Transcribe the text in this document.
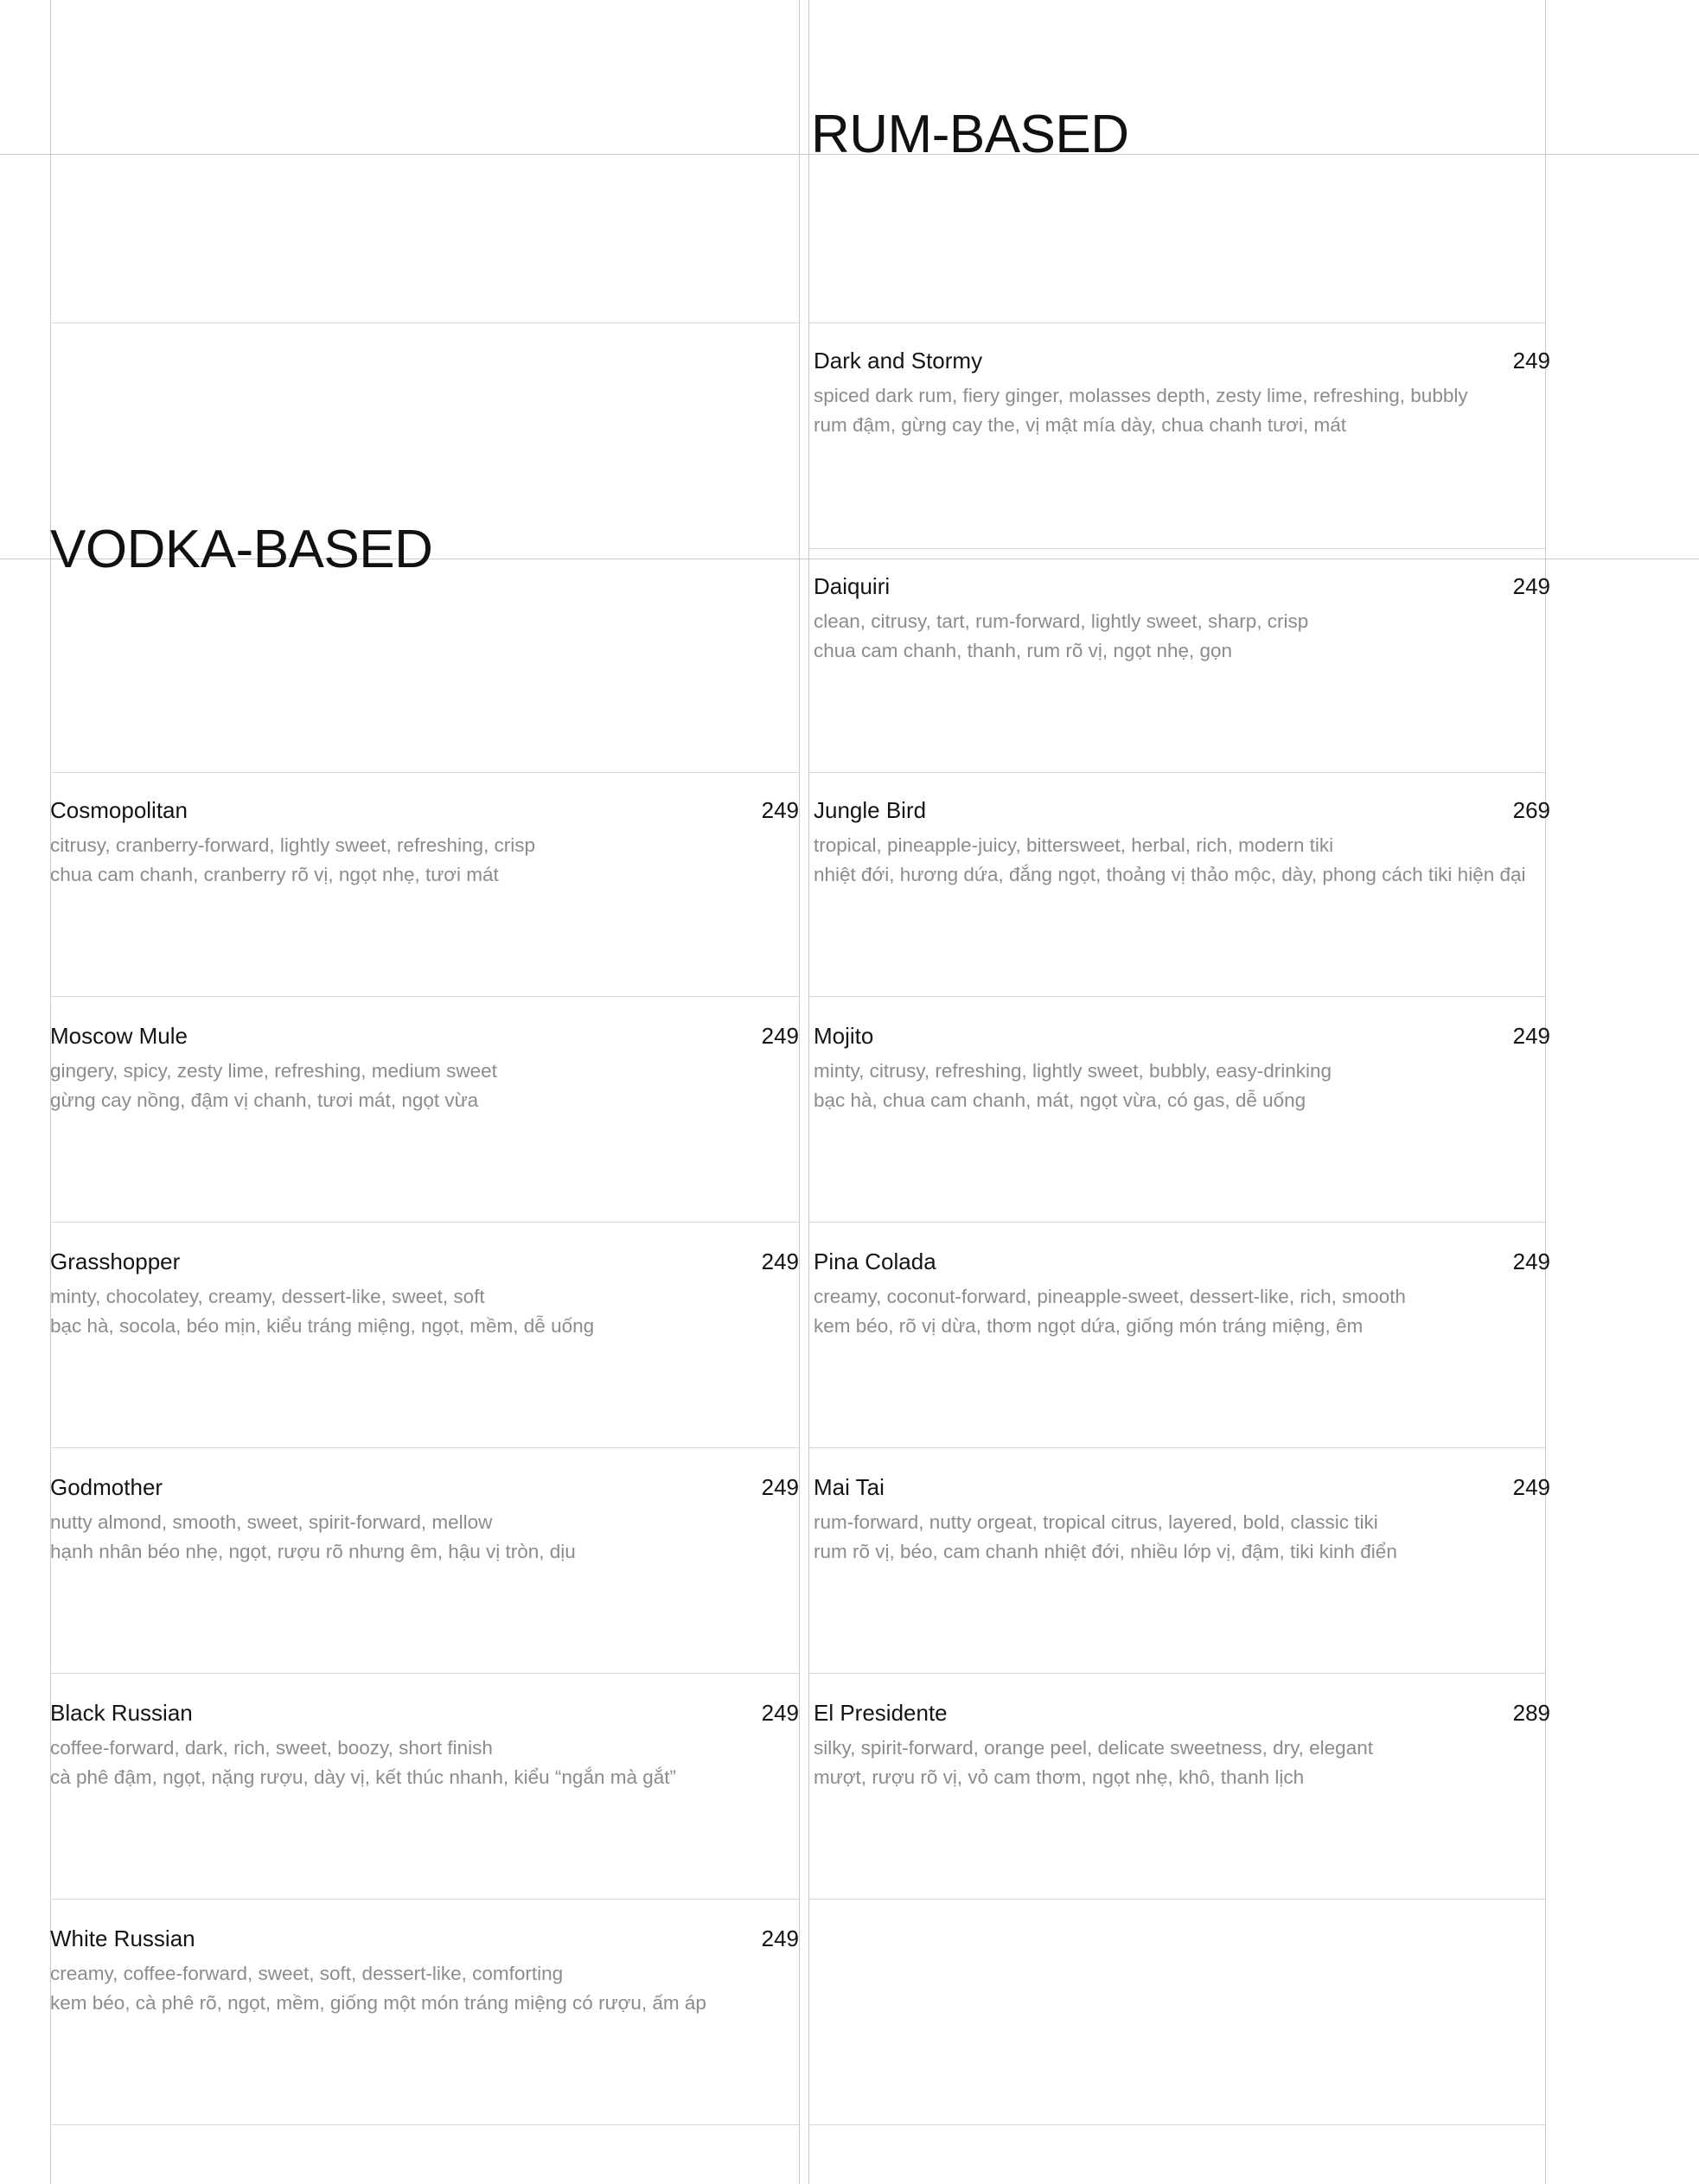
RUM-BASED
VODKA-BASED
Cosmopolitan	249
citrusy, cranberry-forward, lightly sweet, refreshing, crisp
chua cam chanh, cranberry rõ vị, ngọt nhẹ, tươi mát
Moscow Mule	249
gingery, spicy, zesty lime, refreshing, medium sweet
gừng cay nồng, đậm vị chanh, tươi mát, ngọt vừa
Grasshopper	249
minty, chocolatey, creamy, dessert-like, sweet, soft
bạc hà, socola, béo mịn, kiểu tráng miệng, ngọt, mềm, dễ uống
Godmother	249
nutty almond, smooth, sweet, spirit-forward, mellow
hạnh nhân béo nhẹ, ngọt, rượu rõ nhưng êm, hậu vị tròn, dịu
Black Russian	249
coffee-forward, dark, rich, sweet, boozy, short finish
cà phê đậm, ngọt, nặng rượu, dày vị, kết thúc nhanh, kiểu “ngắn mà gắt”
White Russian	249
creamy, coffee-forward, sweet, soft, dessert-like, comforting
kem béo, cà phê rõ, ngọt, mềm, giống một món tráng miệng có rượu, ấm áp
Dark and Stormy	249
spiced dark rum, fiery ginger, molasses depth, zesty lime, refreshing, bubbly
rum đậm, gừng cay the, vị mật mía dày, chua chanh tươi, mát
Daiquiri	249
clean, citrusy, tart, rum-forward, lightly sweet, sharp, crisp
chua cam chanh, thanh, rum rõ vị, ngọt nhẹ, gọn
Jungle Bird	269
tropical, pineapple-juicy, bittersweet, herbal, rich, modern tiki
nhiệt đới, hương dứa, đắng ngọt, thoảng vị thảo mộc, dày, phong cách tiki hiện đại
Mojito	249
minty, citrusy, refreshing, lightly sweet, bubbly, easy-drinking
bạc hà, chua cam chanh, mát, ngọt vừa, có gas, dễ uống
Pina Colada	249
creamy, coconut-forward, pineapple-sweet, dessert-like, rich, smooth
kem béo, rõ vị dừa, thơm ngọt dứa, giống món tráng miệng, êm
Mai Tai	249
rum-forward, nutty orgeat, tropical citrus, layered, bold, classic tiki
rum rõ vị, béo, cam chanh nhiệt đới, nhiều lớp vị, đậm, tiki kinh điển
El Presidente	289
silky, spirit-forward, orange peel, delicate sweetness, dry, elegant
mượt, rượu rõ vị, vỏ cam thơm, ngọt nhẹ, khô, thanh lịch
